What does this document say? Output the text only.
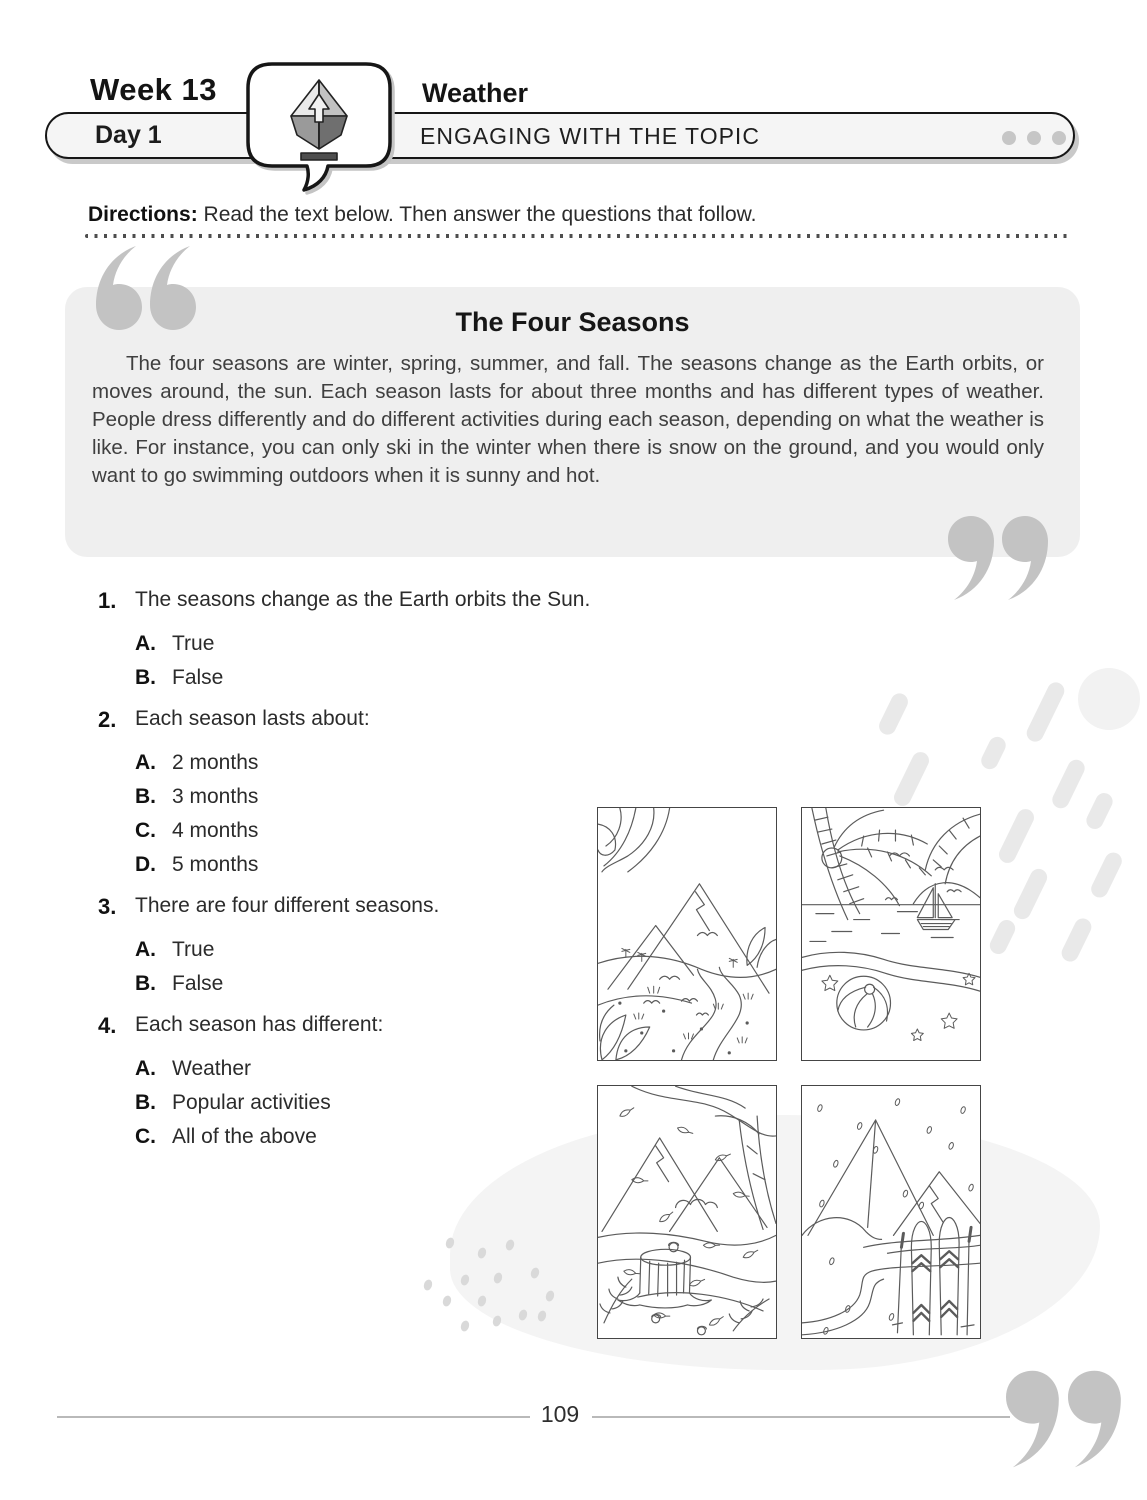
Week 13	Weather
Day 1	ENGAGING WITH THE TOPIC
Directions: Read the text below. Then answer the questions that follow.
The Four Seasons
The four seasons are winter, spring, summer, and fall. The seasons change as the Earth orbits, or moves around, the sun. Each season lasts for about three months and has different types of weather. People dress differently and do different activities during each season, depending on what the weather is like. For instance, you can only ski in the winter when there is snow on the ground, and you would only want to go swimming outdoors when it is sunny and hot.
1. The seasons change as the Earth orbits the Sun.
A. True
B. False
2. Each season lasts about:
A. 2 months
B. 3 months
C. 4 months
D. 5 months
3. There are four different seasons.
A. True
B. False
4. Each season has different:
A. Weather
B. Popular activities
C. All of the above
109
